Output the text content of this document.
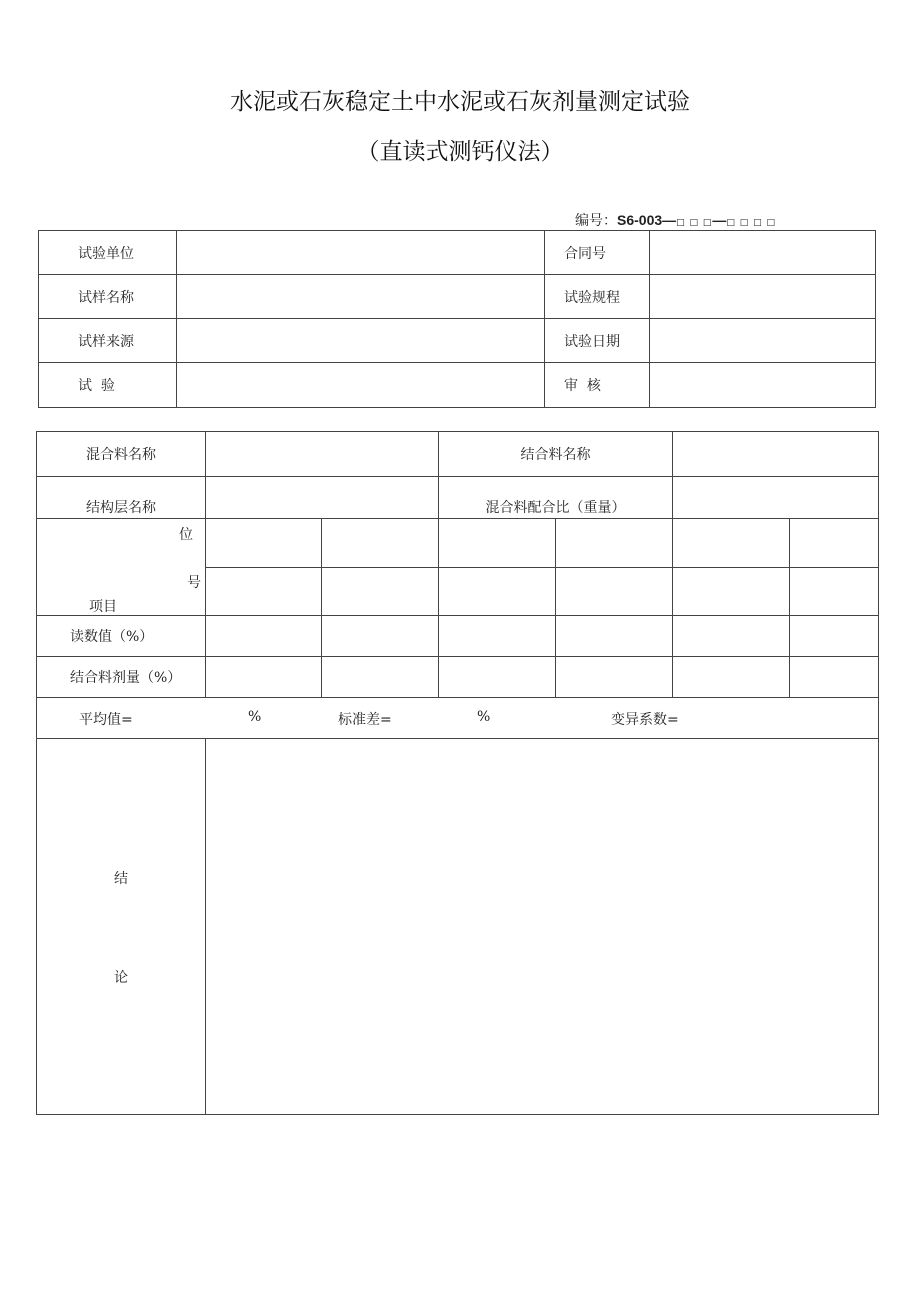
水泥或石灰稳定土中水泥或石灰剂量测定试验
（直读式测钙仪法）
编号：S6-003—□ □ □—□ □ □ □
试验单位		合同号	
试样名称		试验规程	
试样来源		试验日期	
试  验		审  核	
混合料名称			结合料名称			
结构层名称			混合料配合比（重量）			

位
号
项目						

读数值（%）						
结合料剂量（%）						

平均值= % 标准差= % 变异系数=						

结
论						
